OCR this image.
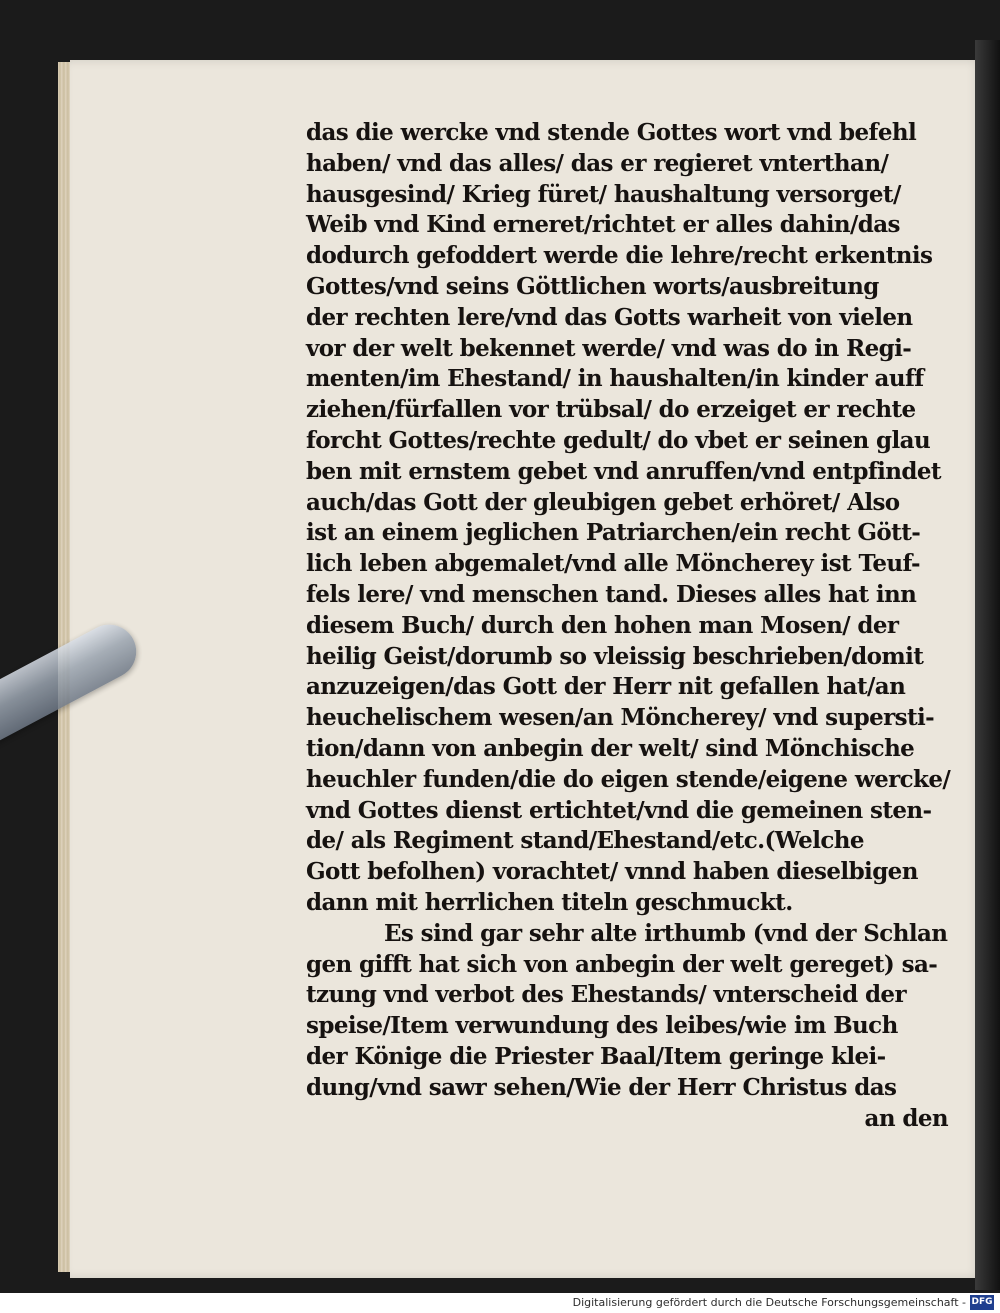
das die wercke vnd stende Gottes wort vnd befehl
haben/ vnd das alles/ das er regieret vnterthan/
hausgesind/ Krieg füret/ haushaltung versorget/
Weib vnd Kind erneret/richtet er alles dahin/das
dodurch gefoddert werde die lehre/recht erkentnis
Gottes/vnd seins Göttlichen worts/ausbreitung
der rechten lere/vnd das Gotts warheit von vielen
vor der welt bekennet werde/ vnd was do in Regi-
menten/im Ehestand/ in haushalten/in kinder auff
ziehen/fürfallen vor trübsal/ do erzeiget er rechte
forcht Gottes/rechte gedult/ do vbet er seinen glau
ben mit ernstem gebet vnd anruffen/vnd entpfindet
auch/das Gott der gleubigen gebet erhöret/ Also
ist an einem jeglichen Patriarchen/ein recht Gött-
lich leben abgemalet/vnd alle Möncherey ist Teuf-
fels lere/ vnd menschen tand. Dieses alles hat inn
diesem Buch/ durch den hohen man Mosen/ der
heilig Geist/dorumb so vleissig beschrieben/domit
anzuzeigen/das Gott der Herr nit gefallen hat/an
heuchelischem wesen/an Möncherey/ vnd supersti-
tion/dann von anbegin der welt/ sind Mönchische
heuchler funden/die do eigen stende/eigene wercke/
vnd Gottes dienst ertichtet/vnd die gemeinen sten-
de/ als Regiment stand/Ehestand/etc.(Welche
Gott befolhen) vorachtet/ vnnd haben dieselbigen
dann mit herrlichen titeln geschmuckt.
Es sind gar sehr alte irthumb (vnd der Schlan
gen gifft hat sich von anbegin der welt gereget) sa-
tzung vnd verbot des Ehestands/ vnterscheid der
speise/Item verwundung des leibes/wie im Buch
der Könige die Priester Baal/Item geringe klei-
dung/vnd sawr sehen/Wie der Herr Christus das
an den
Digitalisierung gefördert durch die Deutsche Forschungsgemeinschaft - DFG
